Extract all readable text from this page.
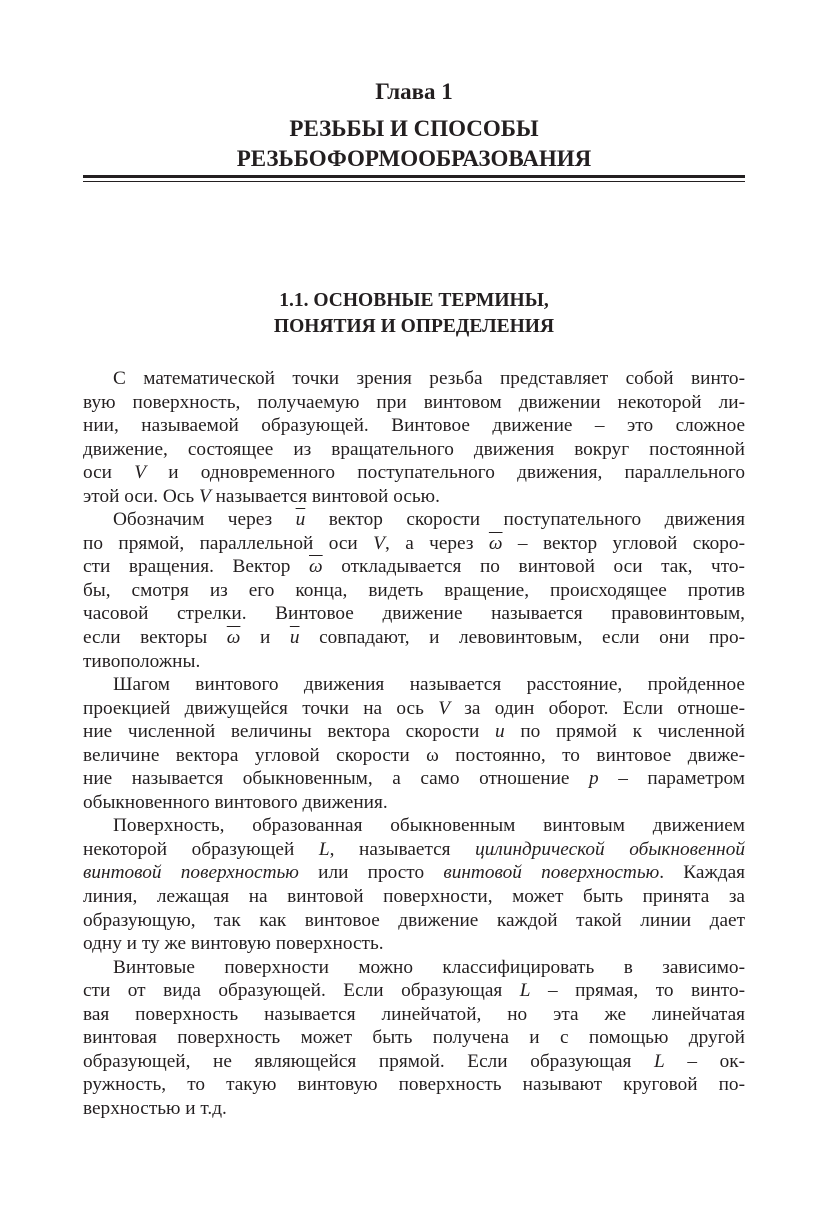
Глава 1
РЕЗЬБЫ И СПОСОБЫ
РЕЗЬБОФОРМООБРАЗОВАНИЯ
1.1. ОСНОВНЫЕ ТЕРМИНЫ,
ПОНЯТИЯ И ОПРЕДЕЛЕНИЯ
С математической точки зрения резьба представляет собой винто-
вую поверхность, получаемую при винтовом движении некоторой ли-
нии, называемой образующей. Винтовое движение – это сложное
движение, состоящее из вращательного движения вокруг постоянной
оси V и одновременного поступательного движения, параллельного
этой оси. Ось V называется винтовой осью.
Обозначим через $\overline{u}$ вектор скорости поступательного движения
по прямой, параллельной оси V, а через $\overline{\omega}$ – вектор угловой скоро-
сти вращения. Вектор $\overline{\omega}$ откладывается по винтовой оси так, что-
бы, смотря из его конца, видеть вращение, происходящее против
часовой стрелки. Винтовое движение называется правовинтовым,
если векторы $\overline{\omega}$ и $\overline{u}$ совпадают, и левовинтовым, если они про-
тивоположны.
Шагом винтового движения называется расстояние, пройденное
проекцией движущейся точки на ось V за один оборот. Если отноше-
ние численной величины вектора скорости u по прямой к численной
величине вектора угловой скорости ω постоянно, то винтовое движе-
ние называется обыкновенным, а само отношение p – параметром
обыкновенного винтового движения.
Поверхность, образованная обыкновенным винтовым движением
некоторой образующей L, называется цилиндрической обыкновенной
винтовой поверхностью или просто винтовой поверхностью. Каждая
линия, лежащая на винтовой поверхности, может быть принята за
образующую, так как винтовое движение каждой такой линии дает
одну и ту же винтовую поверхность.
Винтовые поверхности можно классифицировать в зависимо-
сти от вида образующей. Если образующая L – прямая, то винто-
вая поверхность называется линейчатой, но эта же линейчатая
винтовая поверхность может быть получена и с помощью другой
образующей, не являющейся прямой. Если образующая L – ок-
ружность, то такую винтовую поверхность называют круговой по-
верхностью и т.д.
